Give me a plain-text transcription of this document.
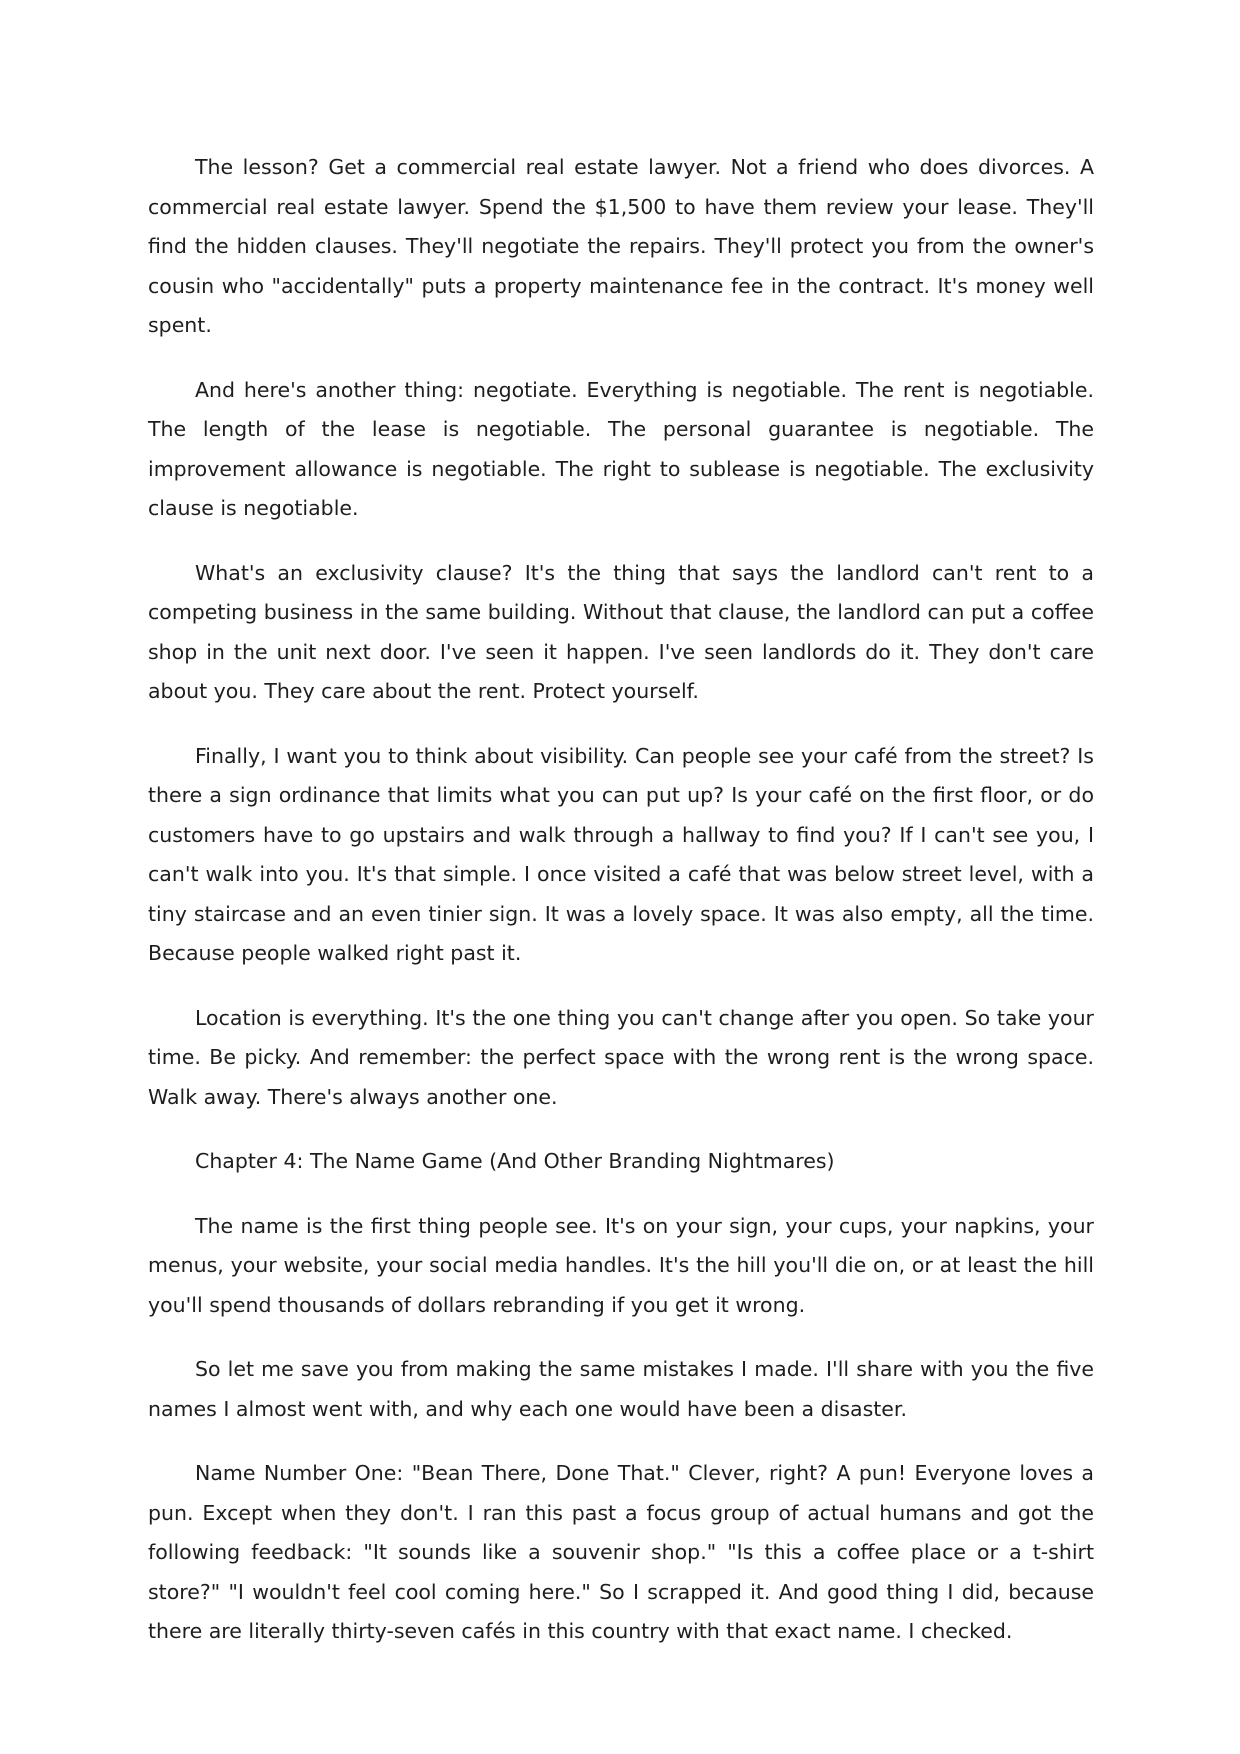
The lesson? Get a commercial real estate lawyer. Not a friend who does divorces. A commercial real estate lawyer. Spend the $1,500 to have them review your lease. They'll find the hidden clauses. They'll negotiate the repairs. They'll protect you from the owner's cousin who "accidentally" puts a property maintenance fee in the contract. It's money well spent.

And here's another thing: negotiate. Everything is negotiable. The rent is negotiable. The length of the lease is negotiable. The personal guarantee is negotiable. The improvement allowance is negotiable. The right to sublease is negotiable. The exclusivity clause is negotiable.

What's an exclusivity clause? It's the thing that says the landlord can't rent to a competing business in the same building. Without that clause, the landlord can put a coffee shop in the unit next door. I've seen it happen. I've seen landlords do it. They don't care about you. They care about the rent. Protect yourself.

Finally, I want you to think about visibility. Can people see your café from the street? Is there a sign ordinance that limits what you can put up? Is your café on the first floor, or do customers have to go upstairs and walk through a hallway to find you? If I can't see you, I can't walk into you. It's that simple. I once visited a café that was below street level, with a tiny staircase and an even tinier sign. It was a lovely space. It was also empty, all the time. Because people walked right past it.

Location is everything. It's the one thing you can't change after you open. So take your time. Be picky. And remember: the perfect space with the wrong rent is the wrong space. Walk away. There's always another one.

Chapter 4: The Name Game (And Other Branding Nightmares)

The name is the first thing people see. It's on your sign, your cups, your napkins, your menus, your website, your social media handles. It's the hill you'll die on, or at least the hill you'll spend thousands of dollars rebranding if you get it wrong.

So let me save you from making the same mistakes I made. I'll share with you the five names I almost went with, and why each one would have been a disaster.

Name Number One: "Bean There, Done That." Clever, right? A pun! Everyone loves a pun. Except when they don't. I ran this past a focus group of actual humans and got the following feedback: "It sounds like a souvenir shop." "Is this a coffee place or a t-shirt store?" "I wouldn't feel cool coming here." So I scrapped it. And good thing I did, because there are literally thirty-seven cafés in this country with that exact name. I checked.
